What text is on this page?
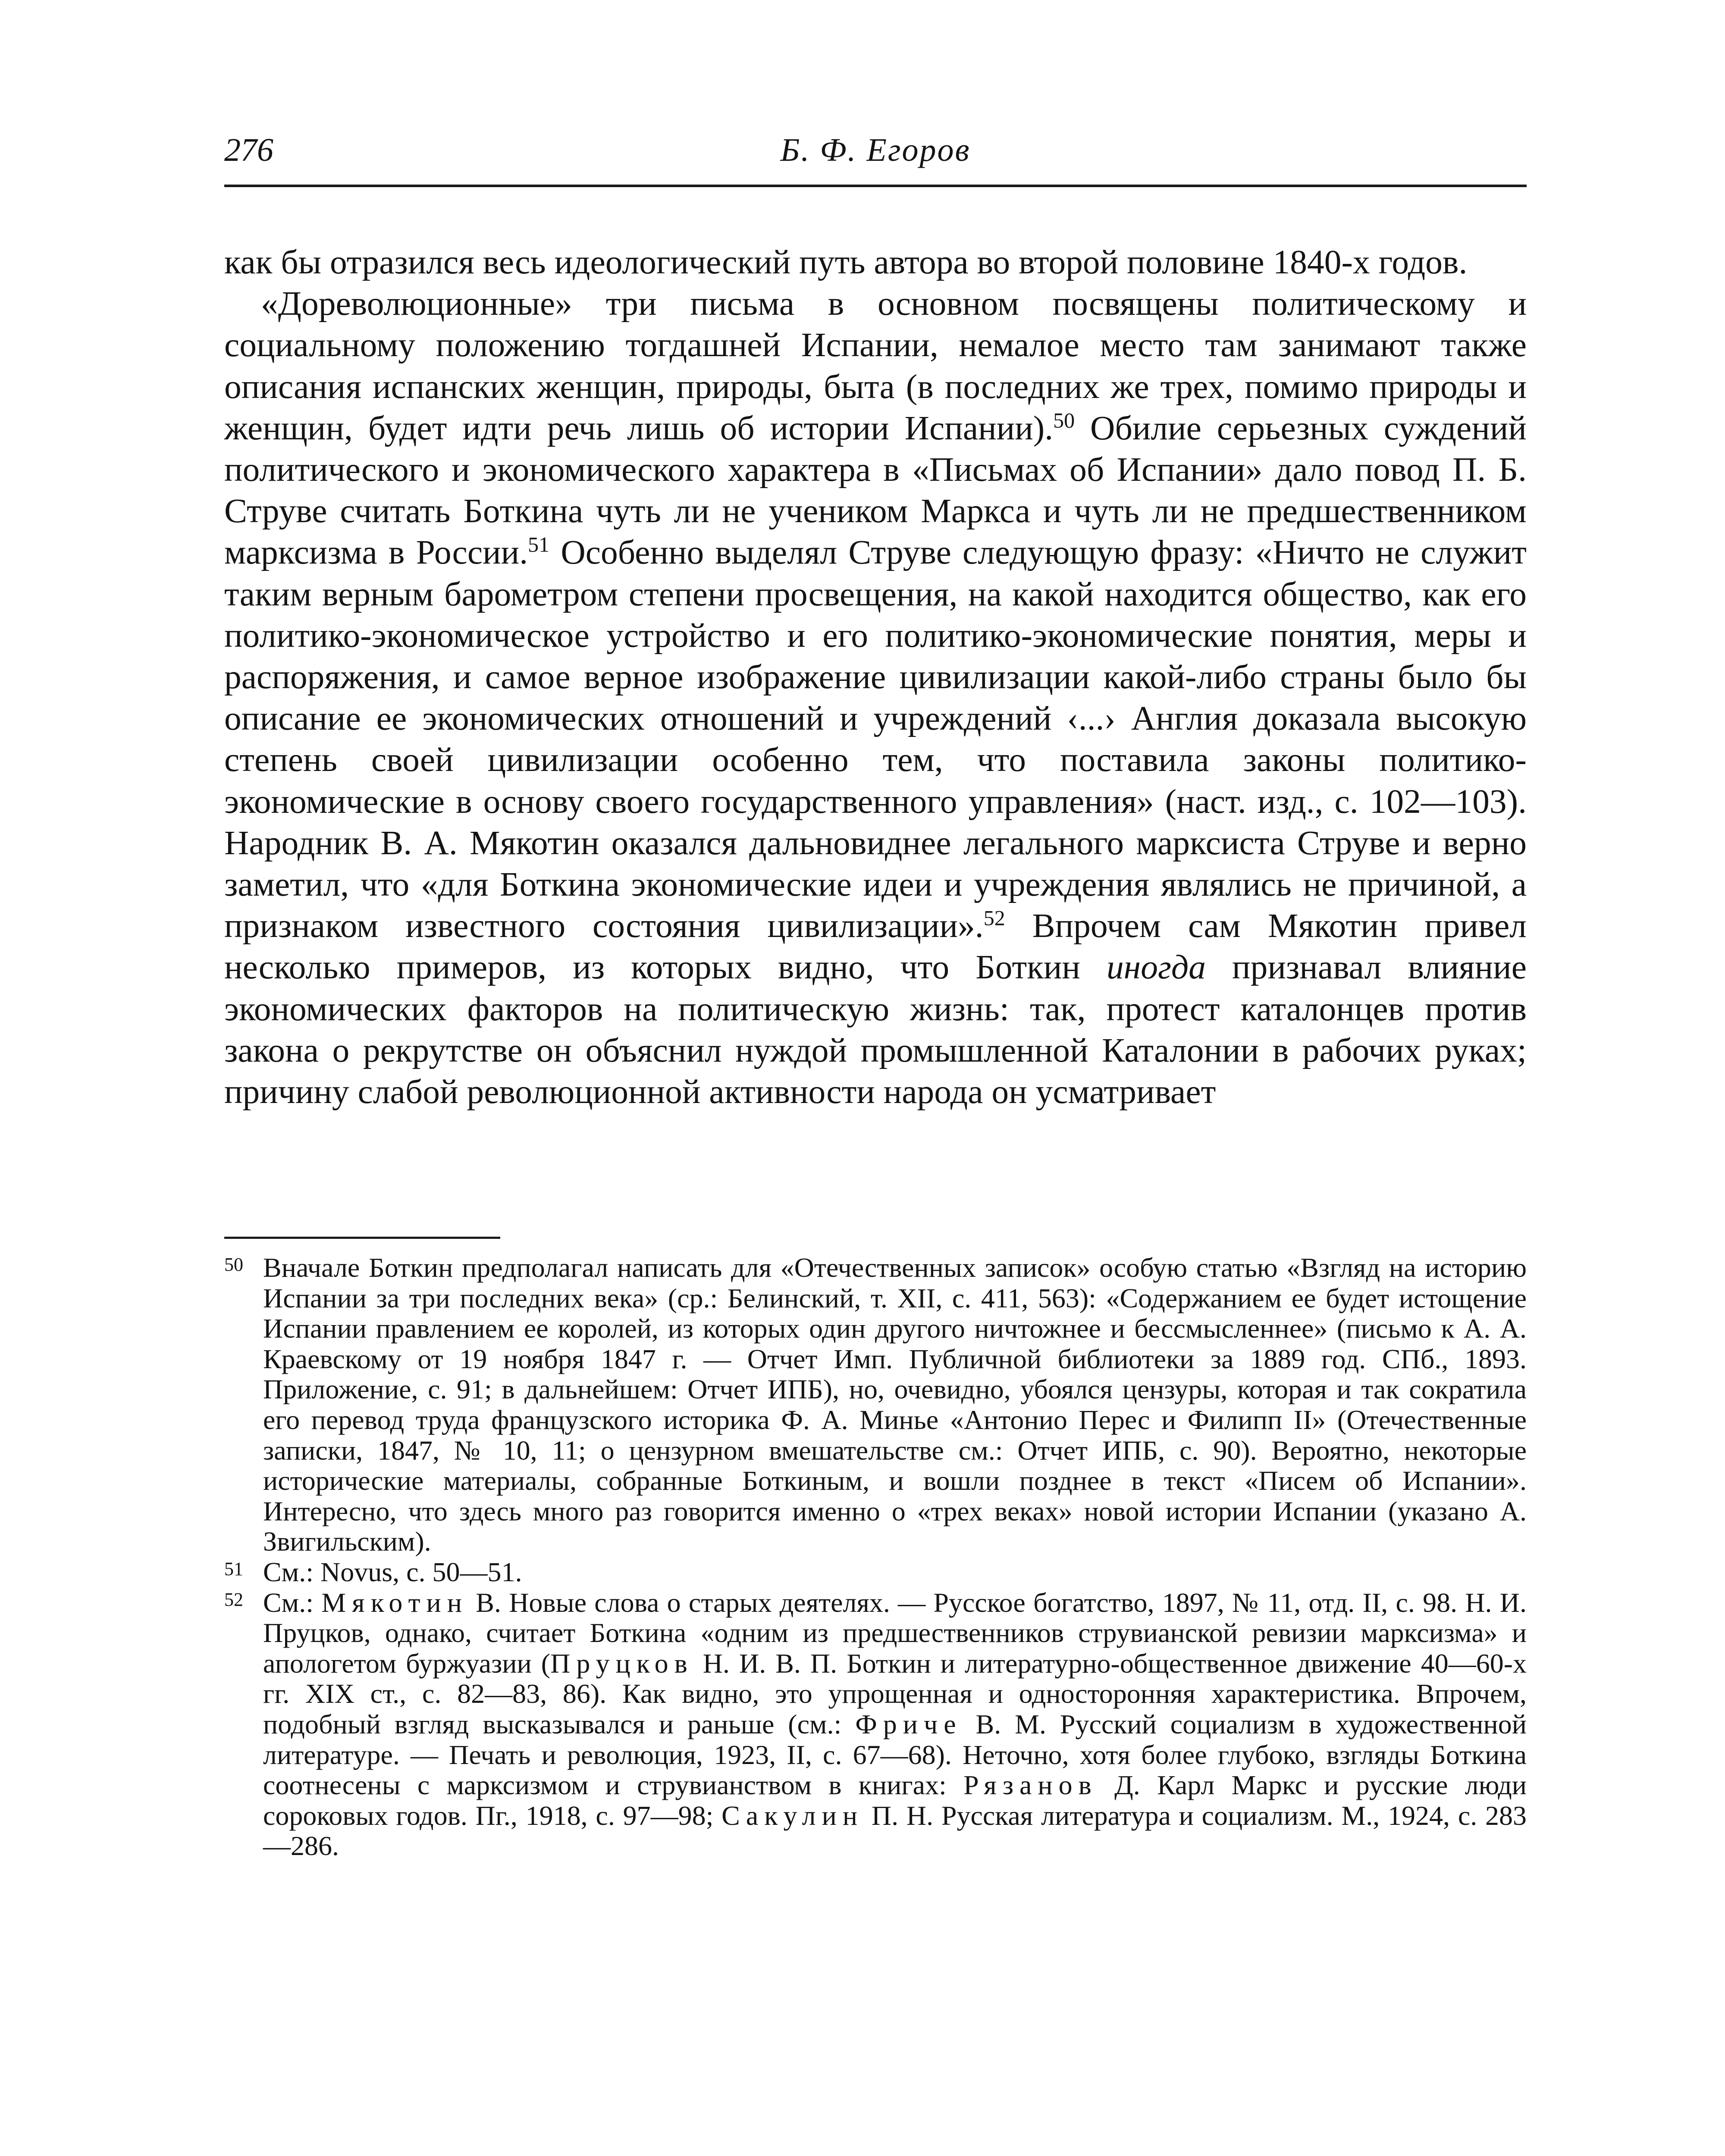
276	Б. Ф. Егоров

как бы отразился весь идеологический путь автора во второй половине 1840-х годов.

«Дореволюционные» три письма в основном посвящены политическому и социальному положению тогдашней Испании, немалое место там занимают также описания испанских женщин, природы, быта (в последних же трех, помимо природы и женщин, будет идти речь лишь об истории Испании).$^{50}$ Обилие серьезных суждений политического и экономического характера в «Письмах об Испании» дало повод П. Б. Струве считать Боткина чуть ли не учеником Маркса и чуть ли не предшественником марксизма в России.$^{51}$ Особенно выделял Струве следующую фразу: «Ничто не служит таким верным барометром степени просвещения, на какой находится общество, как его политико-экономическое устройство и его политико-экономические понятия, меры и распоряжения, и самое верное изображение цивилизации какой-либо страны было бы описание ее экономических отношений и учреждений ‹...› Англия доказала высокую степень своей цивилизации особенно тем, что поставила законы политико-экономические в основу своего государственного управления» (наст. изд., с. 102—103). Народник В. А. Мякотин оказался дальновиднее легального марксиста Струве и верно заметил, что «для Боткина экономические идеи и учреждения являлись не причиной, а признаком известного состояния цивилизации».$^{52}$ Впрочем сам Мякотин привел несколько примеров, из которых видно, что Боткин иногда признавал влияние экономических факторов на политическую жизнь: так, протест каталонцев против закона о рекрутстве он объяснил нуждой промышленной Каталонии в рабочих руках; причину слабой революционной активности народа он усматривает

50 Вначале Боткин предполагал написать для «Отечественных записок» особую статью «Взгляд на историю Испании за три последних века» (ср.: Белинский, т. XII, с. 411, 563): «Содержанием ее будет истощение Испании правлением ее королей, из которых один другого ничтожнее и бессмысленнее» (письмо к А. А. Краевскому от 19 ноября 1847 г. — Отчет Имп. Публичной библиотеки за 1889 год. СПб., 1893. Приложение, с. 91; в дальнейшем: Отчет ИПБ), но, очевидно, убоялся цензуры, которая и так сократила его перевод труда французского историка Ф. А. Минье «Антонио Перес и Филипп II» (Отечественные записки, 1847, № 10, 11; о цензурном вмешательстве см.: Отчет ИПБ, с. 90). Вероятно, некоторые исторические материалы, собранные Боткиным, и вошли позднее в текст «Писем об Испании». Интересно, что здесь много раз говорится именно о «трех веках» новой истории Испании (указано А. Звигильским).
51 См.: Novus, с. 50—51.
52 См.: Мякотин В. Новые слова о старых деятелях. — Русское богатство, 1897, № 11, отд. II, с. 98. Н. И. Пруцков, однако, считает Боткина «одним из предшественников струвианской ревизии марксизма» и апологетом буржуазии (Пруцков Н. И. В. П. Боткин и литературно-общественное движение 40—60-х гг. XIX ст., с. 82—83, 86). Как видно, это упрощенная и односторонняя характеристика. Впрочем, подобный взгляд высказывался и раньше (см.: Фриче В. М. Русский социализм в художественной литературе. — Печать и революция, 1923, II, с. 67—68). Неточно, хотя более глубоко, взгляды Боткина соотнесены с марксизмом и струвианством в книгах: Рязанов Д. Карл Маркс и русские люди сороковых годов. Пг., 1918, с. 97—98; Сакулин П. Н. Русская литература и социализм. М., 1924, с. 283—286.
